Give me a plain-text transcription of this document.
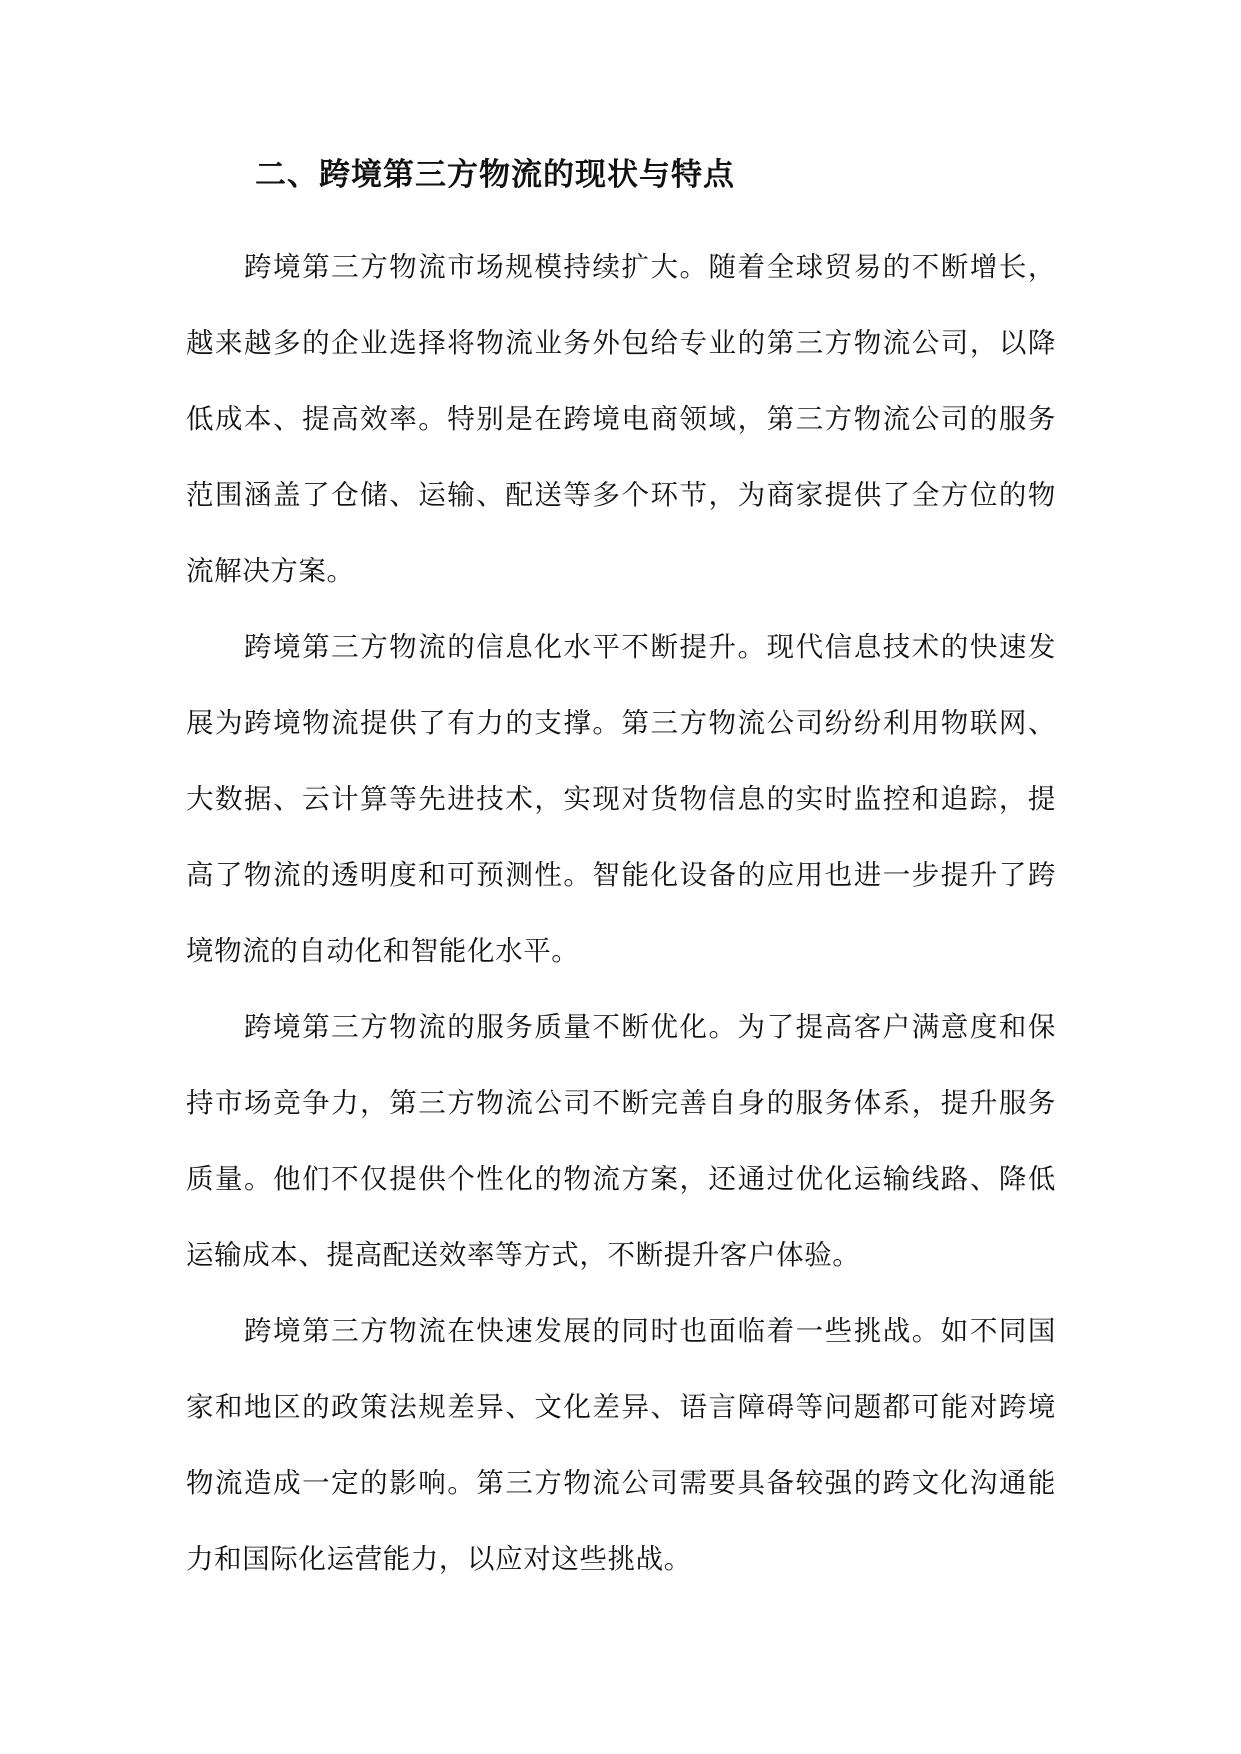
二、跨境第三方物流的现状与特点

跨境第三方物流市场规模持续扩大。随着全球贸易的不断增长，越来越多的企业选择将物流业务外包给专业的第三方物流公司，以降低成本、提高效率。特别是在跨境电商领域，第三方物流公司的服务范围涵盖了仓储、运输、配送等多个环节，为商家提供了全方位的物流解决方案。

跨境第三方物流的信息化水平不断提升。现代信息技术的快速发展为跨境物流提供了有力的支撑。第三方物流公司纷纷利用物联网、大数据、云计算等先进技术，实现对货物信息的实时监控和追踪，提高了物流的透明度和可预测性。智能化设备的应用也进一步提升了跨境物流的自动化和智能化水平。

跨境第三方物流的服务质量不断优化。为了提高客户满意度和保持市场竞争力，第三方物流公司不断完善自身的服务体系，提升服务质量。他们不仅提供个性化的物流方案，还通过优化运输线路、降低运输成本、提高配送效率等方式，不断提升客户体验。

跨境第三方物流在快速发展的同时也面临着一些挑战。如不同国家和地区的政策法规差异、文化差异、语言障碍等问题都可能对跨境物流造成一定的影响。第三方物流公司需要具备较强的跨文化沟通能力和国际化运营能力，以应对这些挑战。
